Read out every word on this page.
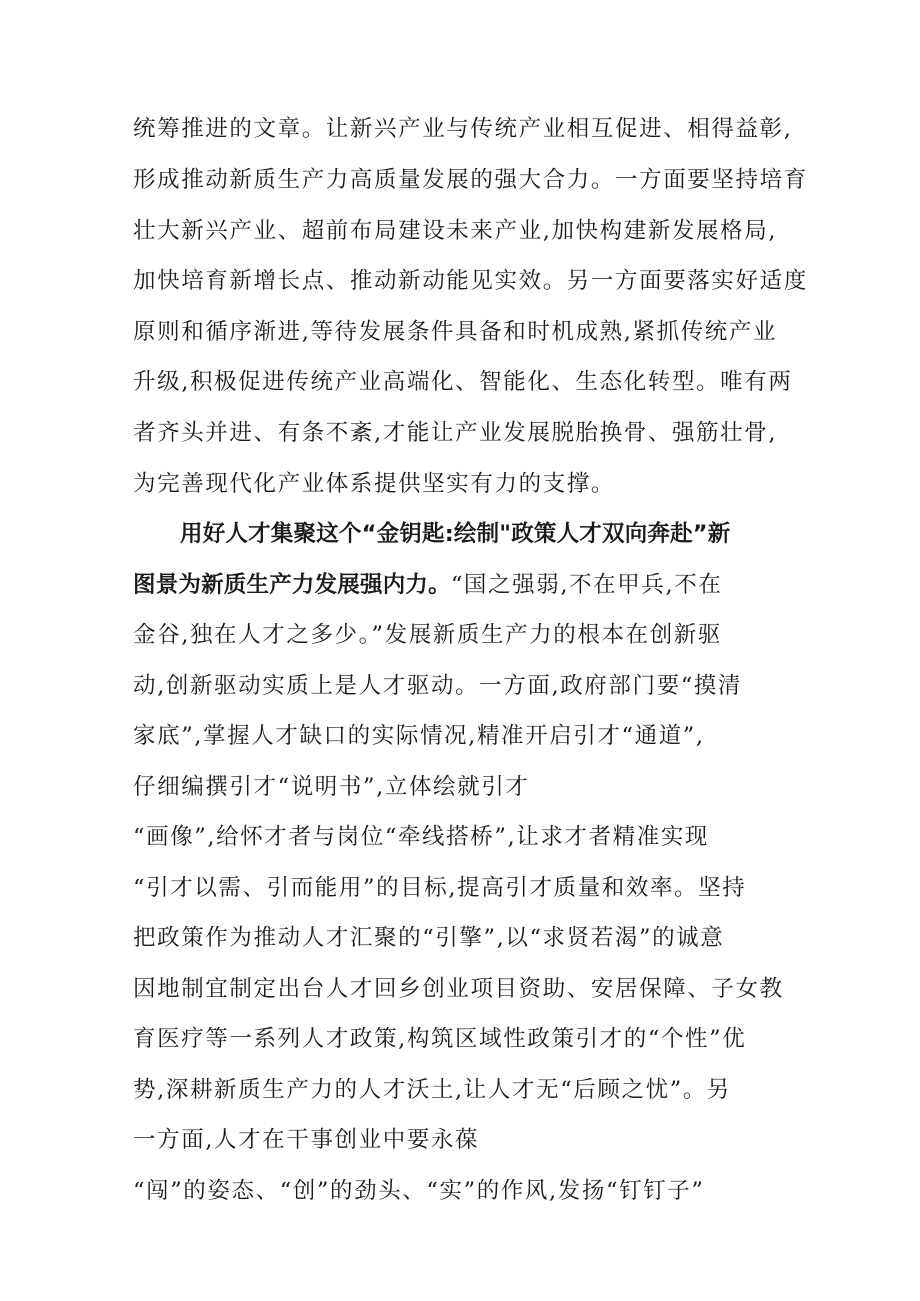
统筹推进的文章。让新兴产业与传统产业相互促进、相得益彰,
形成推动新质生产力高质量发展的强大合力。一方面要坚持培育
壮大新兴产业、超前布局建设未来产业,加快构建新发展格局,
加快培育新增长点、推动新动能见实效。另一方面要落实好适度
原则和循序渐进,等待发展条件具备和时机成熟,紧抓传统产业
升级,积极促进传统产业高端化、智能化、生态化转型。唯有两
者齐头并进、有条不紊,才能让产业发展脱胎换骨、强筋壮骨,
为完善现代化产业体系提供坚实有力的支撑。
用好人才集聚这个“金钥匙:绘制"政策人才双向奔赴”新
图景为新质生产力发展强内力。“国之强弱,不在甲兵,不在
金谷,独在人才之多少。”发展新质生产力的根本在创新驱
动,创新驱动实质上是人才驱动。一方面,政府部门要“摸清
家底”,掌握人才缺口的实际情况,精准开启引才“通道”,
仔细编撰引才“说明书”,立体绘就引才
“画像”,给怀才者与岗位“牵线搭桥”,让求才者精准实现
“引才以需、引而能用”的目标,提高引才质量和效率。坚持
把政策作为推动人才汇聚的“引擎”,以“求贤若渴”的诚意
因地制宜制定出台人才回乡创业项目资助、安居保障、子女教
育医疗等一系列人才政策,构筑区域性政策引才的“个性”优
势,深耕新质生产力的人才沃土,让人才无“后顾之忧”。另
一方面,人才在干事创业中要永葆
“闯”的姿态、“创”的劲头、“实”的作风,发扬“钉钉子”
